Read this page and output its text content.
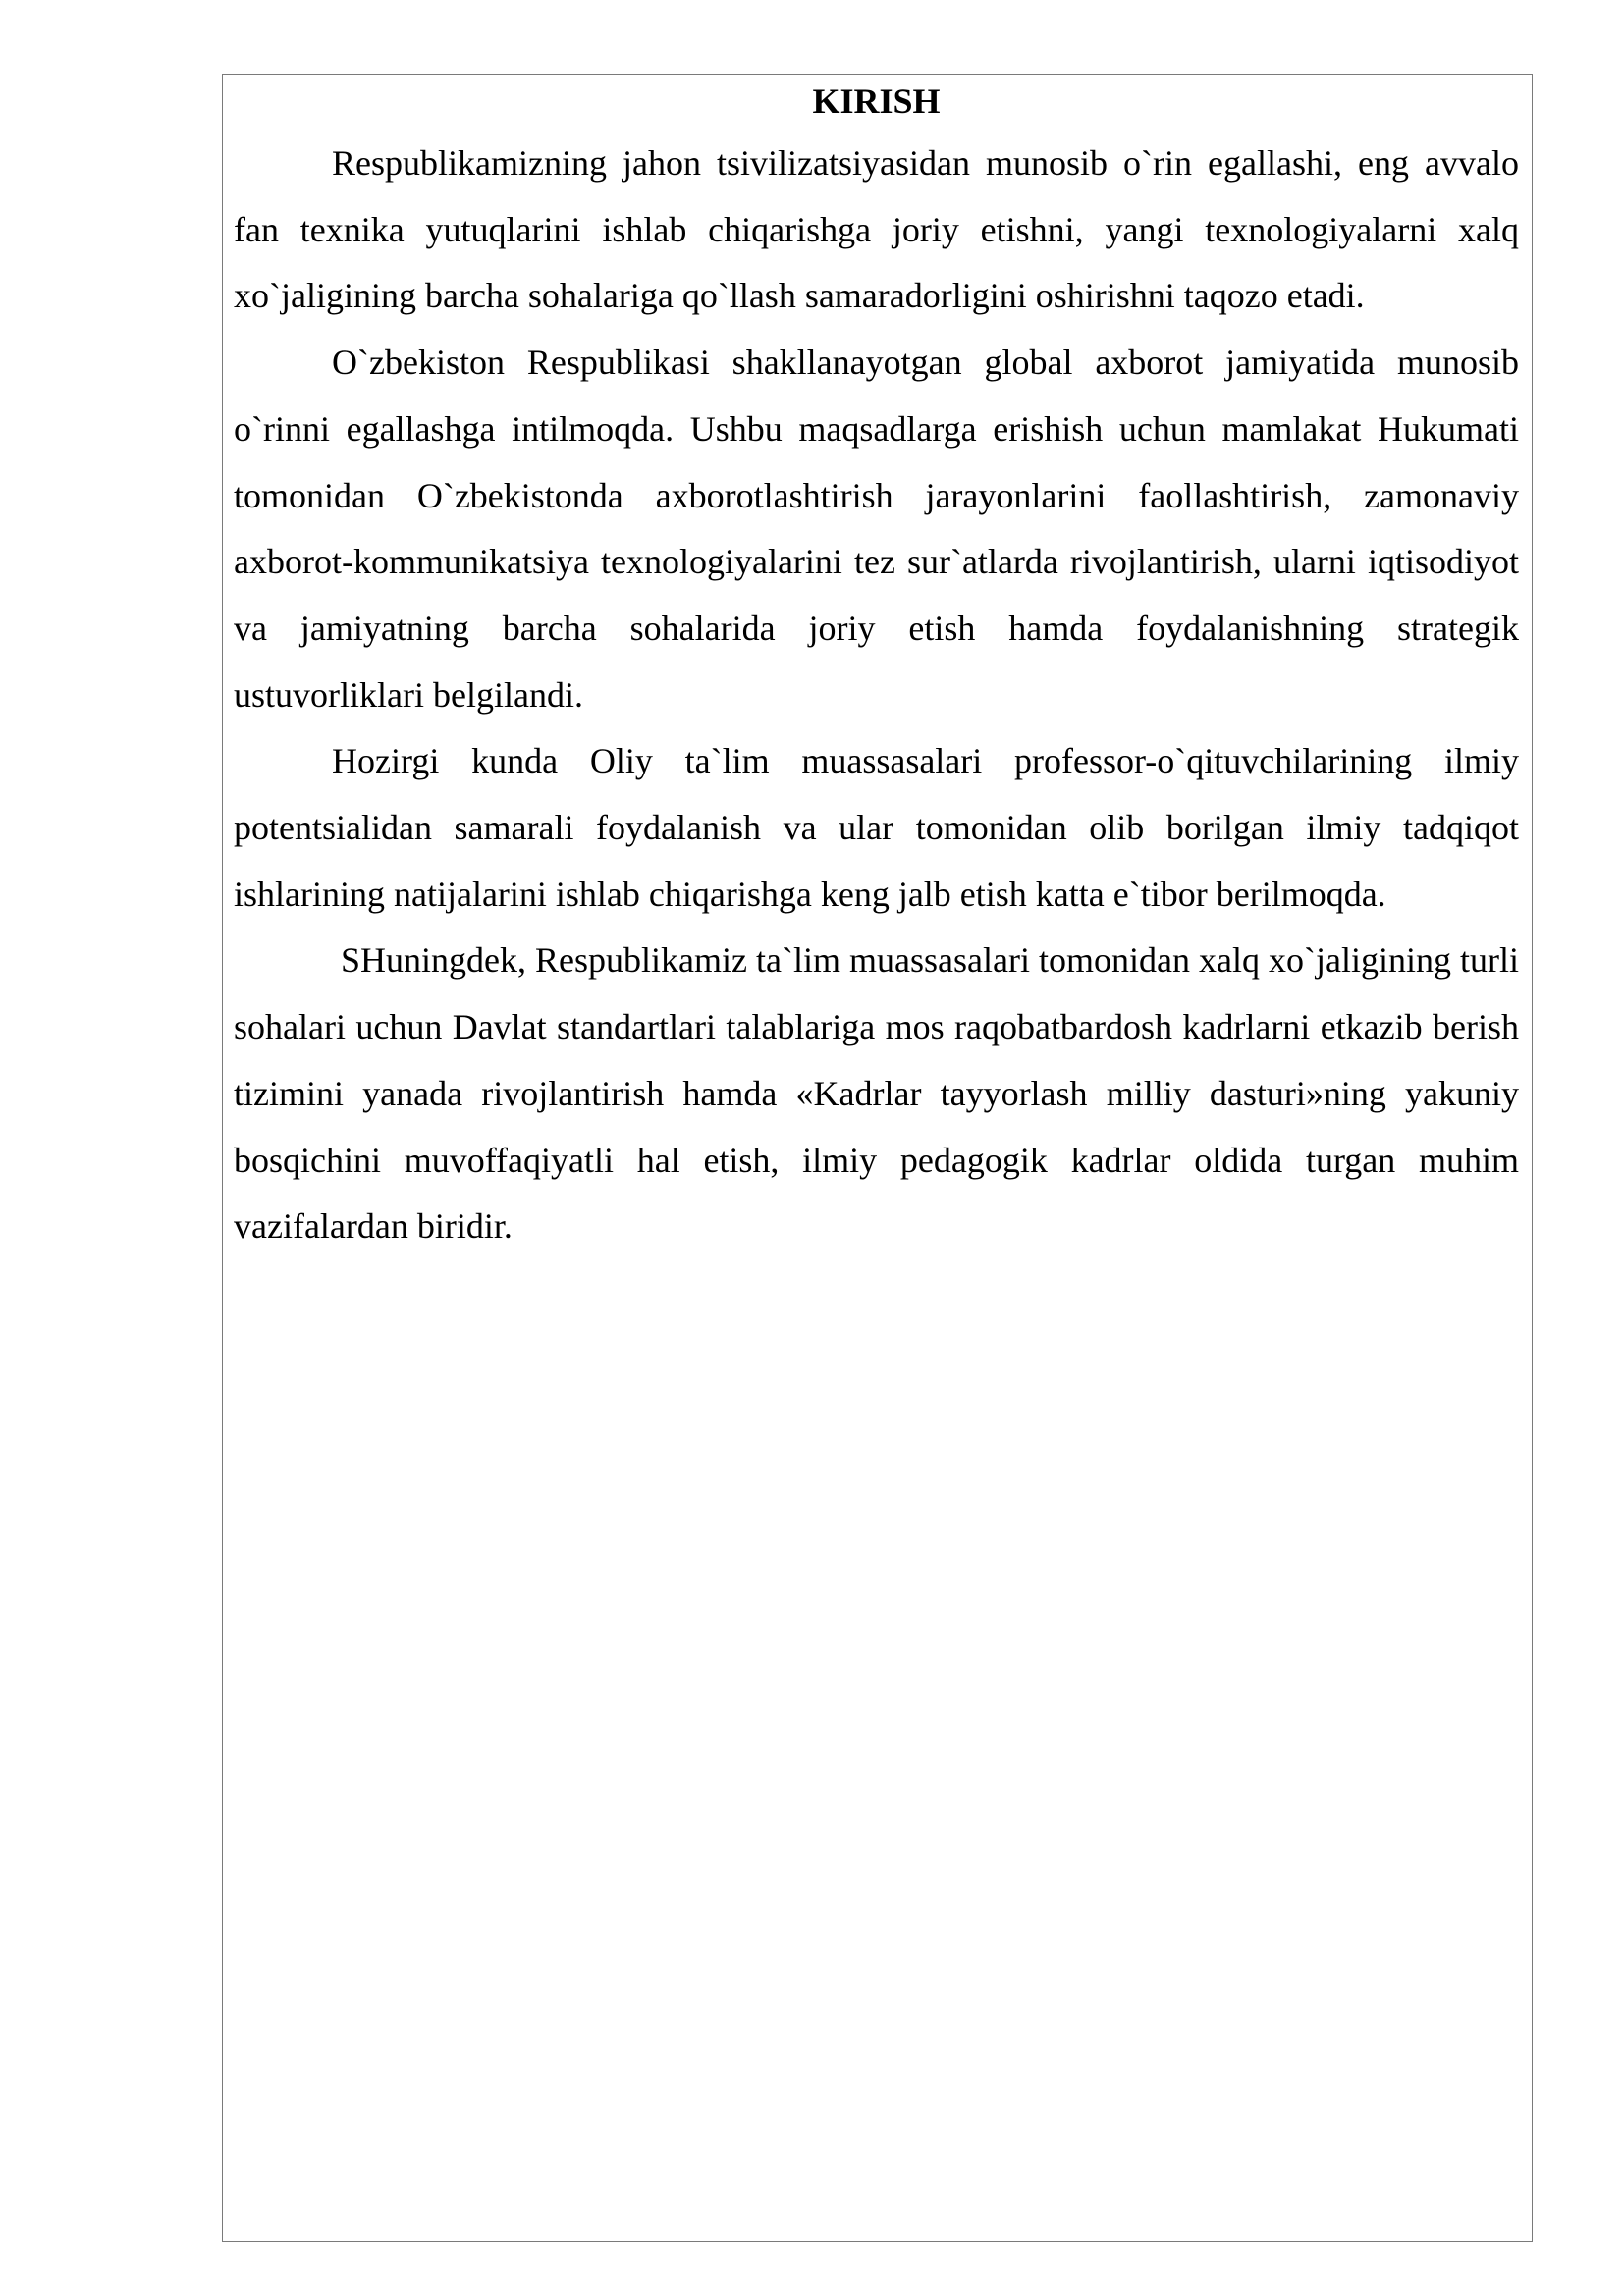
KIRISH

Respublikamizning jahon tsivilizatsiyasidan munosib o`rin egallashi, eng avvalo fan texnika yutuqlarini ishlab chiqarishga joriy etishni, yangi texnologiyalarni xalq xo`jaligining barcha sohalariga qo`llash samaradorligini oshirishni taqozo etadi.

O`zbekiston Respublikasi shakllanayotgan global axborot jamiyatida munosib o`rinni egallashga intilmoqda. Ushbu maqsadlarga erishish uchun mamlakat Hukumati tomonidan O`zbekistonda axborotlashtirish jarayonlarini faollashtirish, zamonaviy axborot-kommunikatsiya texnologiyalarini tez sur`atlarda rivojlantirish, ularni iqtisodiyot va jamiyatning barcha sohalarida joriy etish hamda foydalanishning strategik ustuvorliklari belgilandi.

Hozirgi kunda Oliy ta`lim muassasalari professor-o`qituvchilarining ilmiy potentsialidan samarali foydalanish va ular tomonidan olib borilgan ilmiy tadqiqot ishlarining natijalarini ishlab chiqarishga keng jalb etish katta e`tibor berilmoqda.

SHuningdek, Respublikamiz ta`lim muassasalari tomonidan xalq xo`jaligining turli sohalari uchun Davlat standartlari talablariga mos raqobatbardosh kadrlarni etkazib berish tizimini yanada rivojlantirish hamda «Kadrlar tayyorlash milliy dasturi»ning yakuniy bosqichini muvoffaqiyatli hal etish, ilmiy pedagogik kadrlar oldida turgan muhim vazifalardan biridir.
